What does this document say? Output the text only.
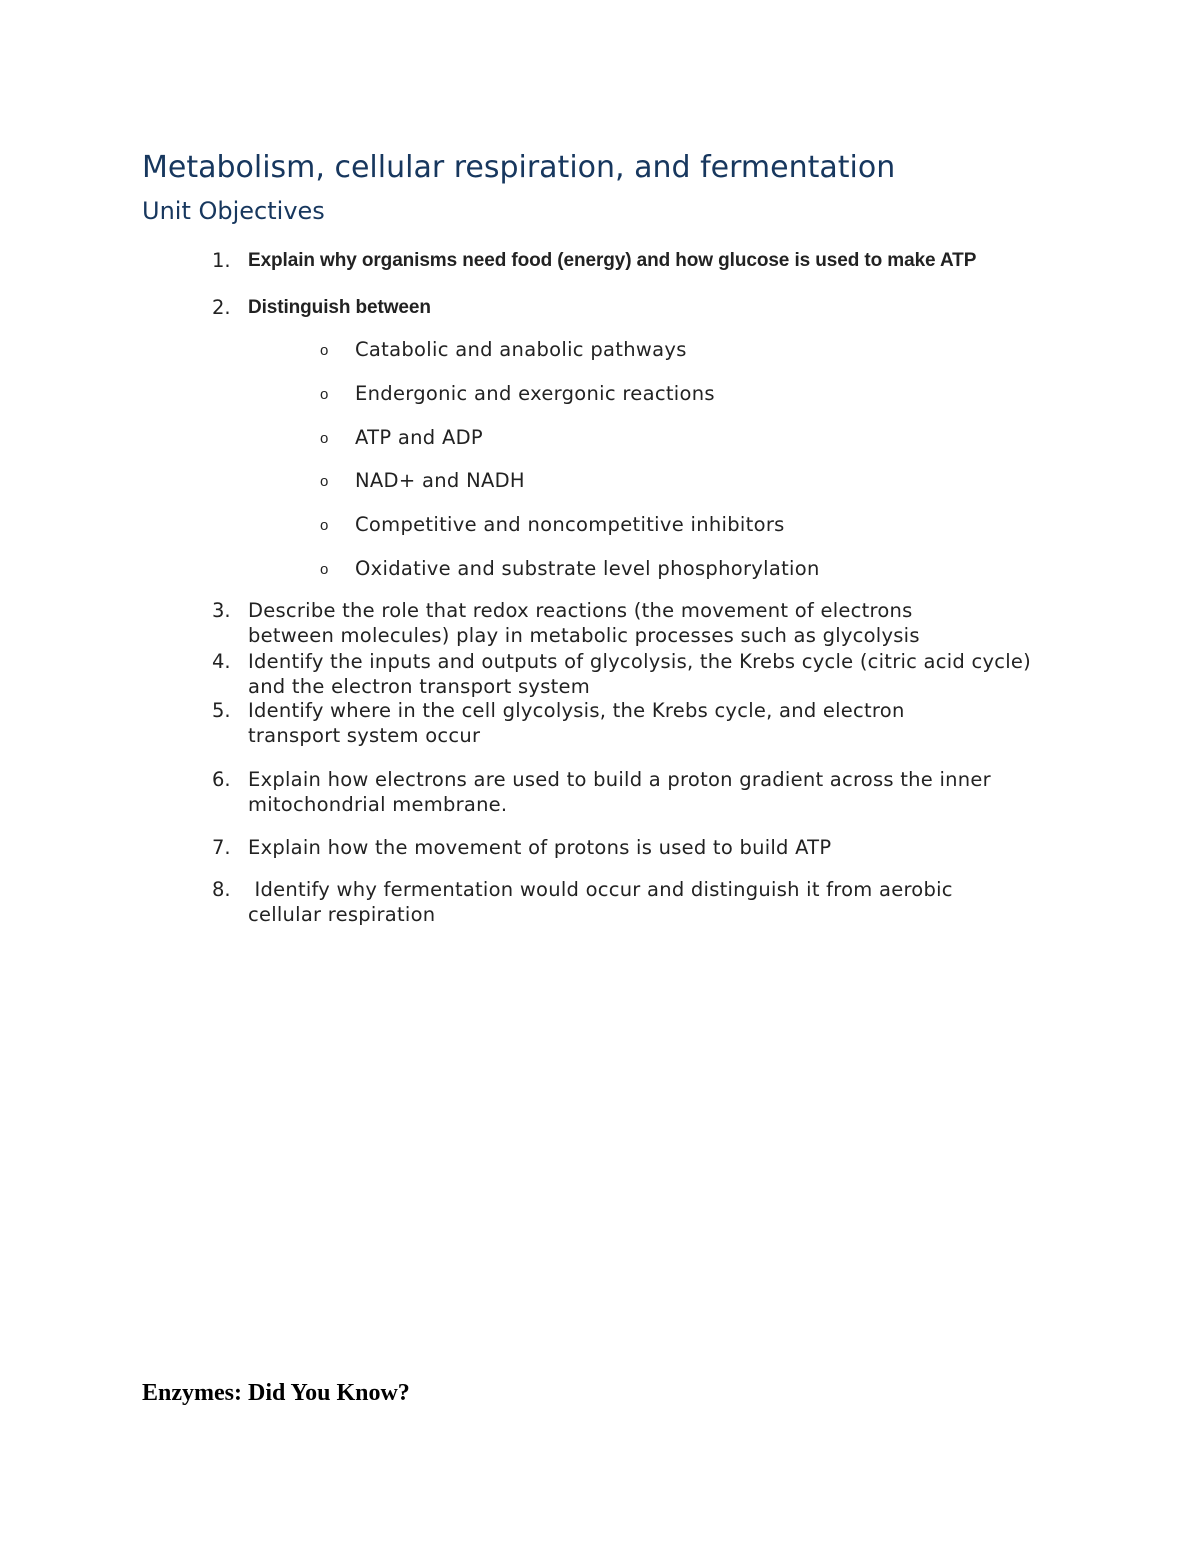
Metabolism, cellular respiration, and fermentation
Unit Objectives
1. Explain why organisms need food (energy) and how glucose is used to make ATP
2. Distinguish between
o Catabolic and anabolic pathways
o Endergonic and exergonic reactions
o ATP and ADP
o NAD+ and NADH
o Competitive and noncompetitive inhibitors
o Oxidative and substrate level phosphorylation
3. Describe the role that redox reactions (the movement of electrons between molecules) play in metabolic processes such as glycolysis
4. Identify the inputs and outputs of glycolysis, the Krebs cycle (citric acid cycle) and the electron transport system
5. Identify where in the cell glycolysis, the Krebs cycle, and electron transport system occur
6. Explain how electrons are used to build a proton gradient across the inner mitochondrial membrane.
7. Explain how the movement of protons is used to build ATP
8. Identify why fermentation would occur and distinguish it from aerobic cellular respiration
Enzymes: Did You Know?
